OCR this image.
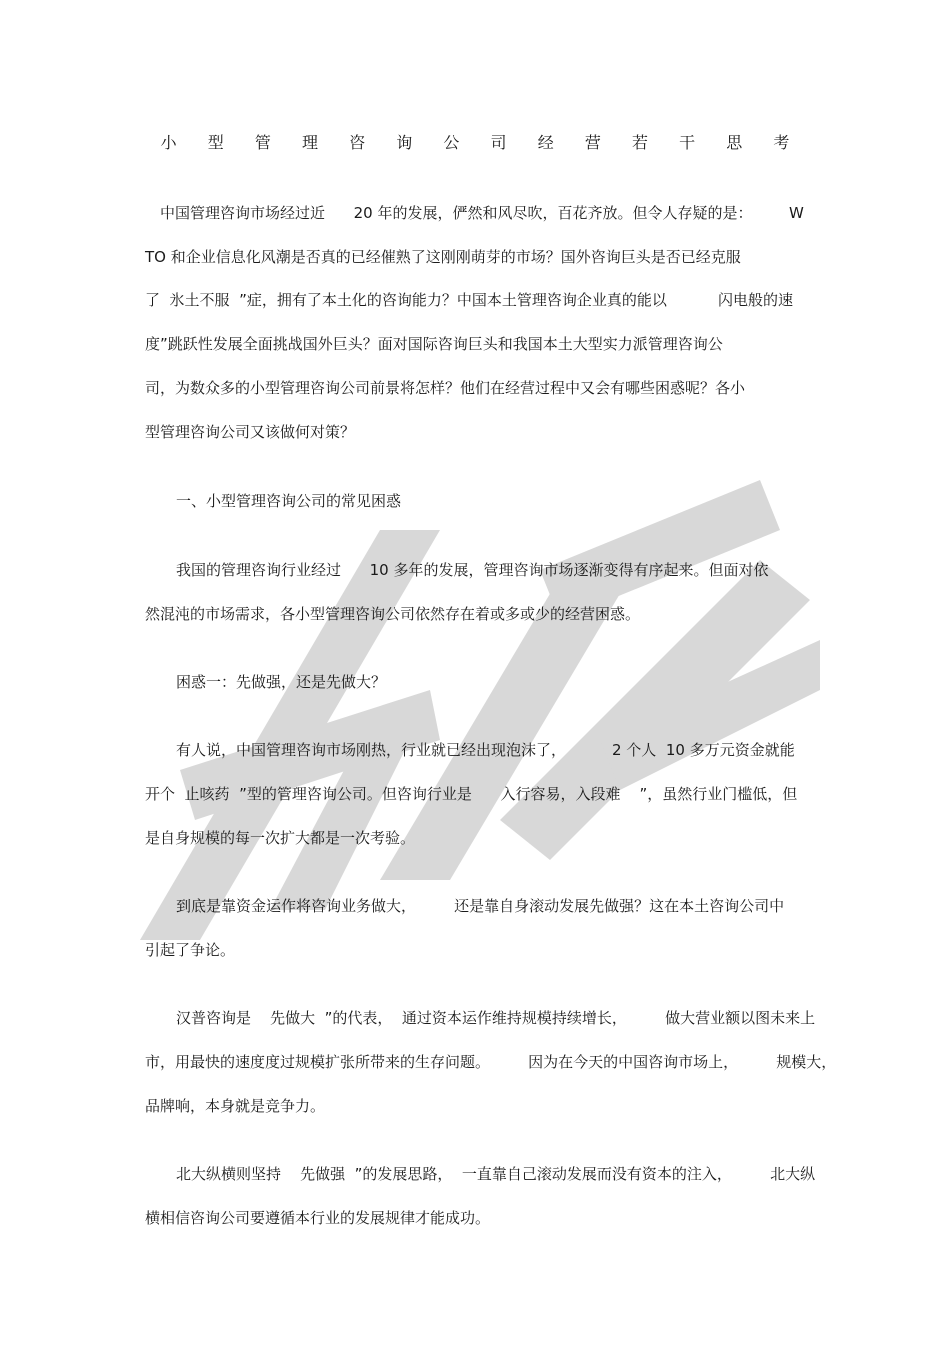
小 型 管 理 咨 询 公 司 经 营 若 干 思 考
中国管理咨询市场经过近      20 年的发展，俨然和风尽吹，百花齐放。但令人存疑的是： W
TO 和企业信息化风潮是否真的已经催熟了这刚刚萌芽的市场？国外咨询巨头是否已经克服
了  氷土不服  ”症，拥有了本土化的咨询能力？中国本土管理咨询企业真的能以	闪电般的速
度”跳跃性发展全面挑战国外巨头？面对国际咨询巨头和我国本土大型实力派管理咨询公
司，为数众多的小型管理咨询公司前景将怎样？他们在经营过程中又会有哪些困惑呢？各小
型管理咨询公司又该做何对策？
一、小型管理咨询公司的常见困惑
我国的管理咨询行业经过      10 多年的发展，管理咨询市场逐渐变得有序起来。但面对依
然混沌的市场需求，各小型管理咨询公司依然存在着或多或少的经营困惑。
困惑一：先做强，还是先做大？
有人说，中国管理咨询市场刚热，行业就已经出现泡沫了，	2 个人  10 多万元资金就能
开个  止咳药  ”型的管理咨询公司。但咨询行业是      入行容易，入段难    ”，虽然行业门槛低，但
是自身规模的每一次扩大都是一次考验。
到底是靠资金运作将咨询业务做大，        还是靠自身滚动发展先做强？这在本土咨询公司中
引起了争论。
汉普咨询是    先做大  ”的代表，  通过资本运作维持规模持续增长，        做大营业额以图未来上
市，用最快的速度度过规模扩张所带来的生存问题。        因为在今天的中国咨询市场上，        规模大，
品牌响，本身就是竞争力。
北大纵横则坚持    先做强  ”的发展思路，  一直靠自己滚动发展而没有资本的注入，        北大纵
横相信咨询公司要遵循本行业的发展规律才能成功。
